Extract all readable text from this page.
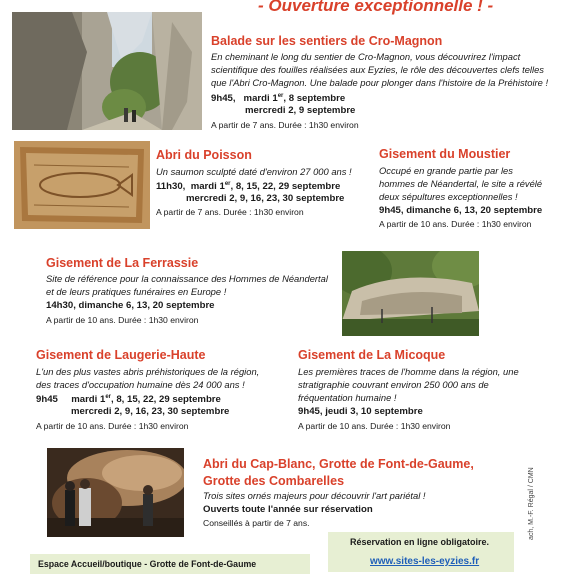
- Ouverture exceptionnelle ! -
Balade sur les sentiers de Cro-Magnon
En cheminant le long du sentier de Cro-Magnon, vous découvrirez l'impact
scientifique des fouilles réalisées aux Eyzies, le rôle des découvertes clefs telles
que l'Abri Cro-Magnon. Une balade pour plonger dans l'histoire de la Préhistoire !
9h45, mardi 1er, 8 septembre
mercredi 2, 9 septembre
A partir de 7 ans. Durée : 1h30 environ
Abri du Poisson
Un saumon sculpté daté d'environ 27 000 ans !
11h30, mardi 1er, 8, 15, 22, 29 septembre
mercredi 2, 9, 16, 23, 30 septembre
A partir de 7 ans. Durée : 1h30 environ
Gisement du Moustier
Occupé en grande partie par les
hommes de Néandertal, le site a révélé
deux sépultures exceptionnelles !
9h45, dimanche 6, 13, 20 septembre
A partir de 10 ans. Durée : 1h30 environ
Gisement de La Ferrassie
Site de référence pour la connaissance des Hommes de Néandertal
et de leurs pratiques funéraires en Europe !
14h30, dimanche 6, 13, 20 septembre
A partir de 10 ans. Durée : 1h30 environ
Gisement de Laugerie-Haute
L'un des plus vastes abris préhistoriques de la région,
des traces d'occupation humaine dès 24 000 ans !
9h45 mardi 1er, 8, 15, 22, 29 septembre
mercredi 2, 9, 16, 23, 30 septembre
A partir de 10 ans. Durée : 1h30 environ
Gisement de La Micoque
Les premières traces de l'homme dans la région, une
stratigraphie couvrant environ 250 000 ans de
fréquentation humaine !
9h45, jeudi 3, 10 septembre
A partir de 10 ans. Durée : 1h30 environ
Abri du Cap-Blanc, Grotte de Font-de-Gaume,
Grotte des Combarelles
Trois sites ornés majeurs pour découvrir l'art pariétal !
Ouverts toute l'année sur réservation
Conseillés à partir de 7 ans.
Espace Accueil/boutique - Grotte de Font-de-Gaume
Réservation en ligne obligatoire.
www.sites-les-eyzies.fr
ach, M.-F. Régal / CMN
